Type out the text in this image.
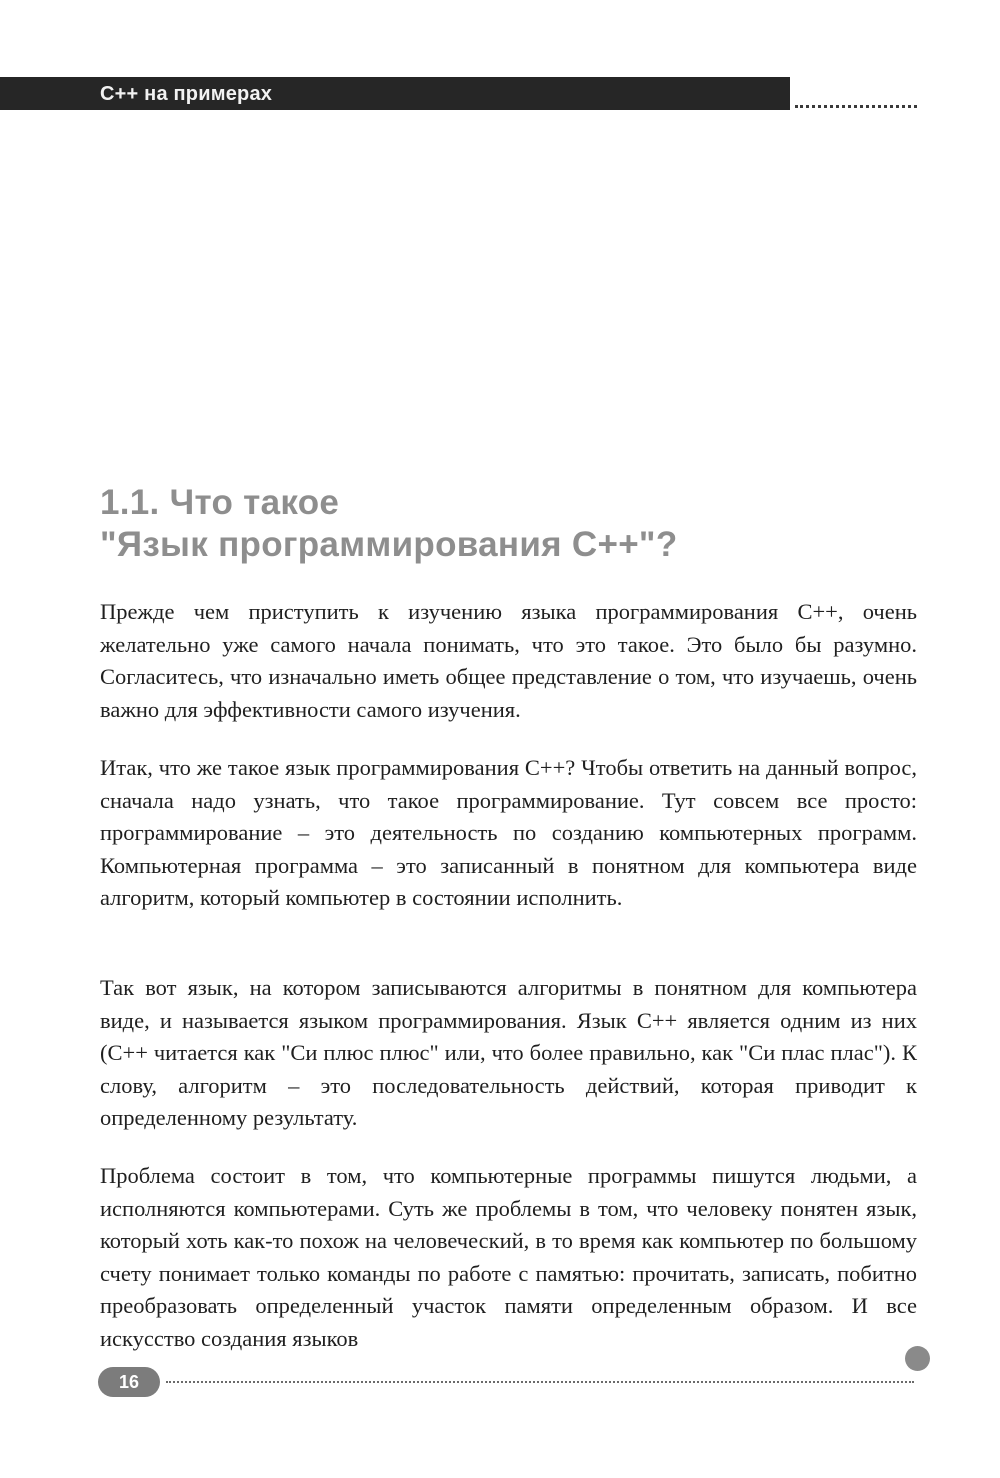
C++ на примерах
1.1. Что такое
"Язык программирования C++"?

Прежде чем приступить к изучению языка программирования C++, очень желательно уже самого начала понимать, что это такое. Это было бы разумно. Согласитесь, что изначально иметь общее представление о том, что изучаешь, очень важно для эффективности самого изучения.

Итак, что же такое язык программирования C++? Чтобы ответить на данный вопрос, сначала надо узнать, что такое программирование. Тут совсем все просто: программирование – это деятельность по созданию компьютерных программ. Компьютерная программа – это записанный в понятном для компьютера виде алгоритм, который компьютер в состоянии исполнить.

Так вот язык, на котором записываются алгоритмы в понятном для компьютера виде, и называется языком программирования. Язык C++ является одним из них (C++ читается как "Си плюс плюс" или, что более правильно, как "Си плас плас"). К слову, алгоритм – это последовательность действий, которая приводит к определенному результату.

Проблема состоит в том, что компьютерные программы пишутся людьми, а исполняются компьютерами. Суть же проблемы в том, что человеку понятен язык, который хоть как-то похож на человеческий, в то время как компьютер по большому счету понимает только команды по работе с памятью: прочитать, записать, побитно преобразовать определенный участок памяти определенным образом. И все искусство создания языков

16
